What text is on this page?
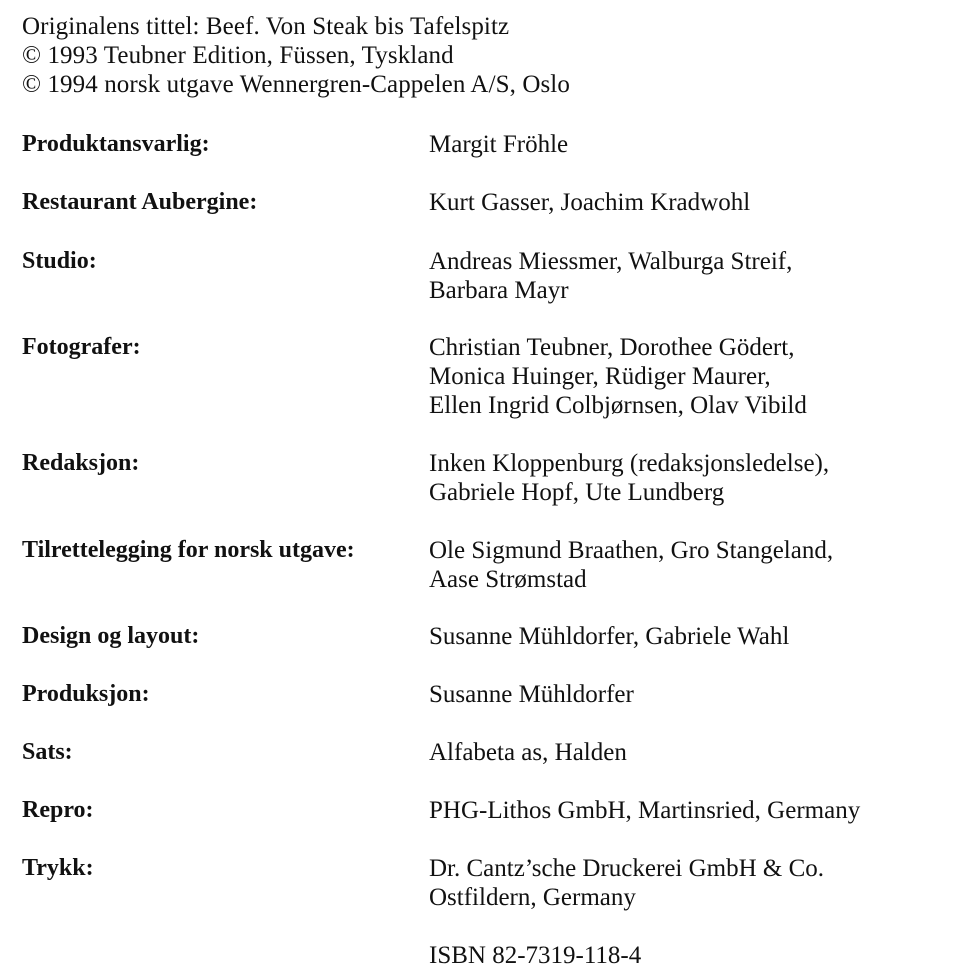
Originalens tittel: Beef. Von Steak bis Tafelspitz
© 1993 Teubner Edition, Füssen, Tyskland
© 1994 norsk utgave Wennergren-Cappelen A/S, Oslo
Produktansvarlig:	Margit Fröhle
Restaurant Aubergine:	Kurt Gasser, Joachim Kradwohl
Studio:	Andreas Miessmer, Walburga Streif,
Barbara Mayr
Fotografer:	Christian Teubner, Dorothee Gödert,
Monica Huinger, Rüdiger Maurer,
Ellen Ingrid Colbjørnsen, Olav Vibild
Redaksjon:	Inken Kloppenburg (redaksjonsledelse),
Gabriele Hopf, Ute Lundberg
Tilrettelegging for norsk utgave:	Ole Sigmund Braathen, Gro Stangeland,
Aase Strømstad
Design og layout:	Susanne Mühldorfer, Gabriele Wahl
Produksjon:	Susanne Mühldorfer
Sats:	Alfabeta as, Halden
Repro:	PHG-Lithos GmbH, Martinsried, Germany
Trykk:	Dr. Cantz’sche Druckerei GmbH & Co.
Ostfildern, Germany
ISBN 82-7319-118-4
